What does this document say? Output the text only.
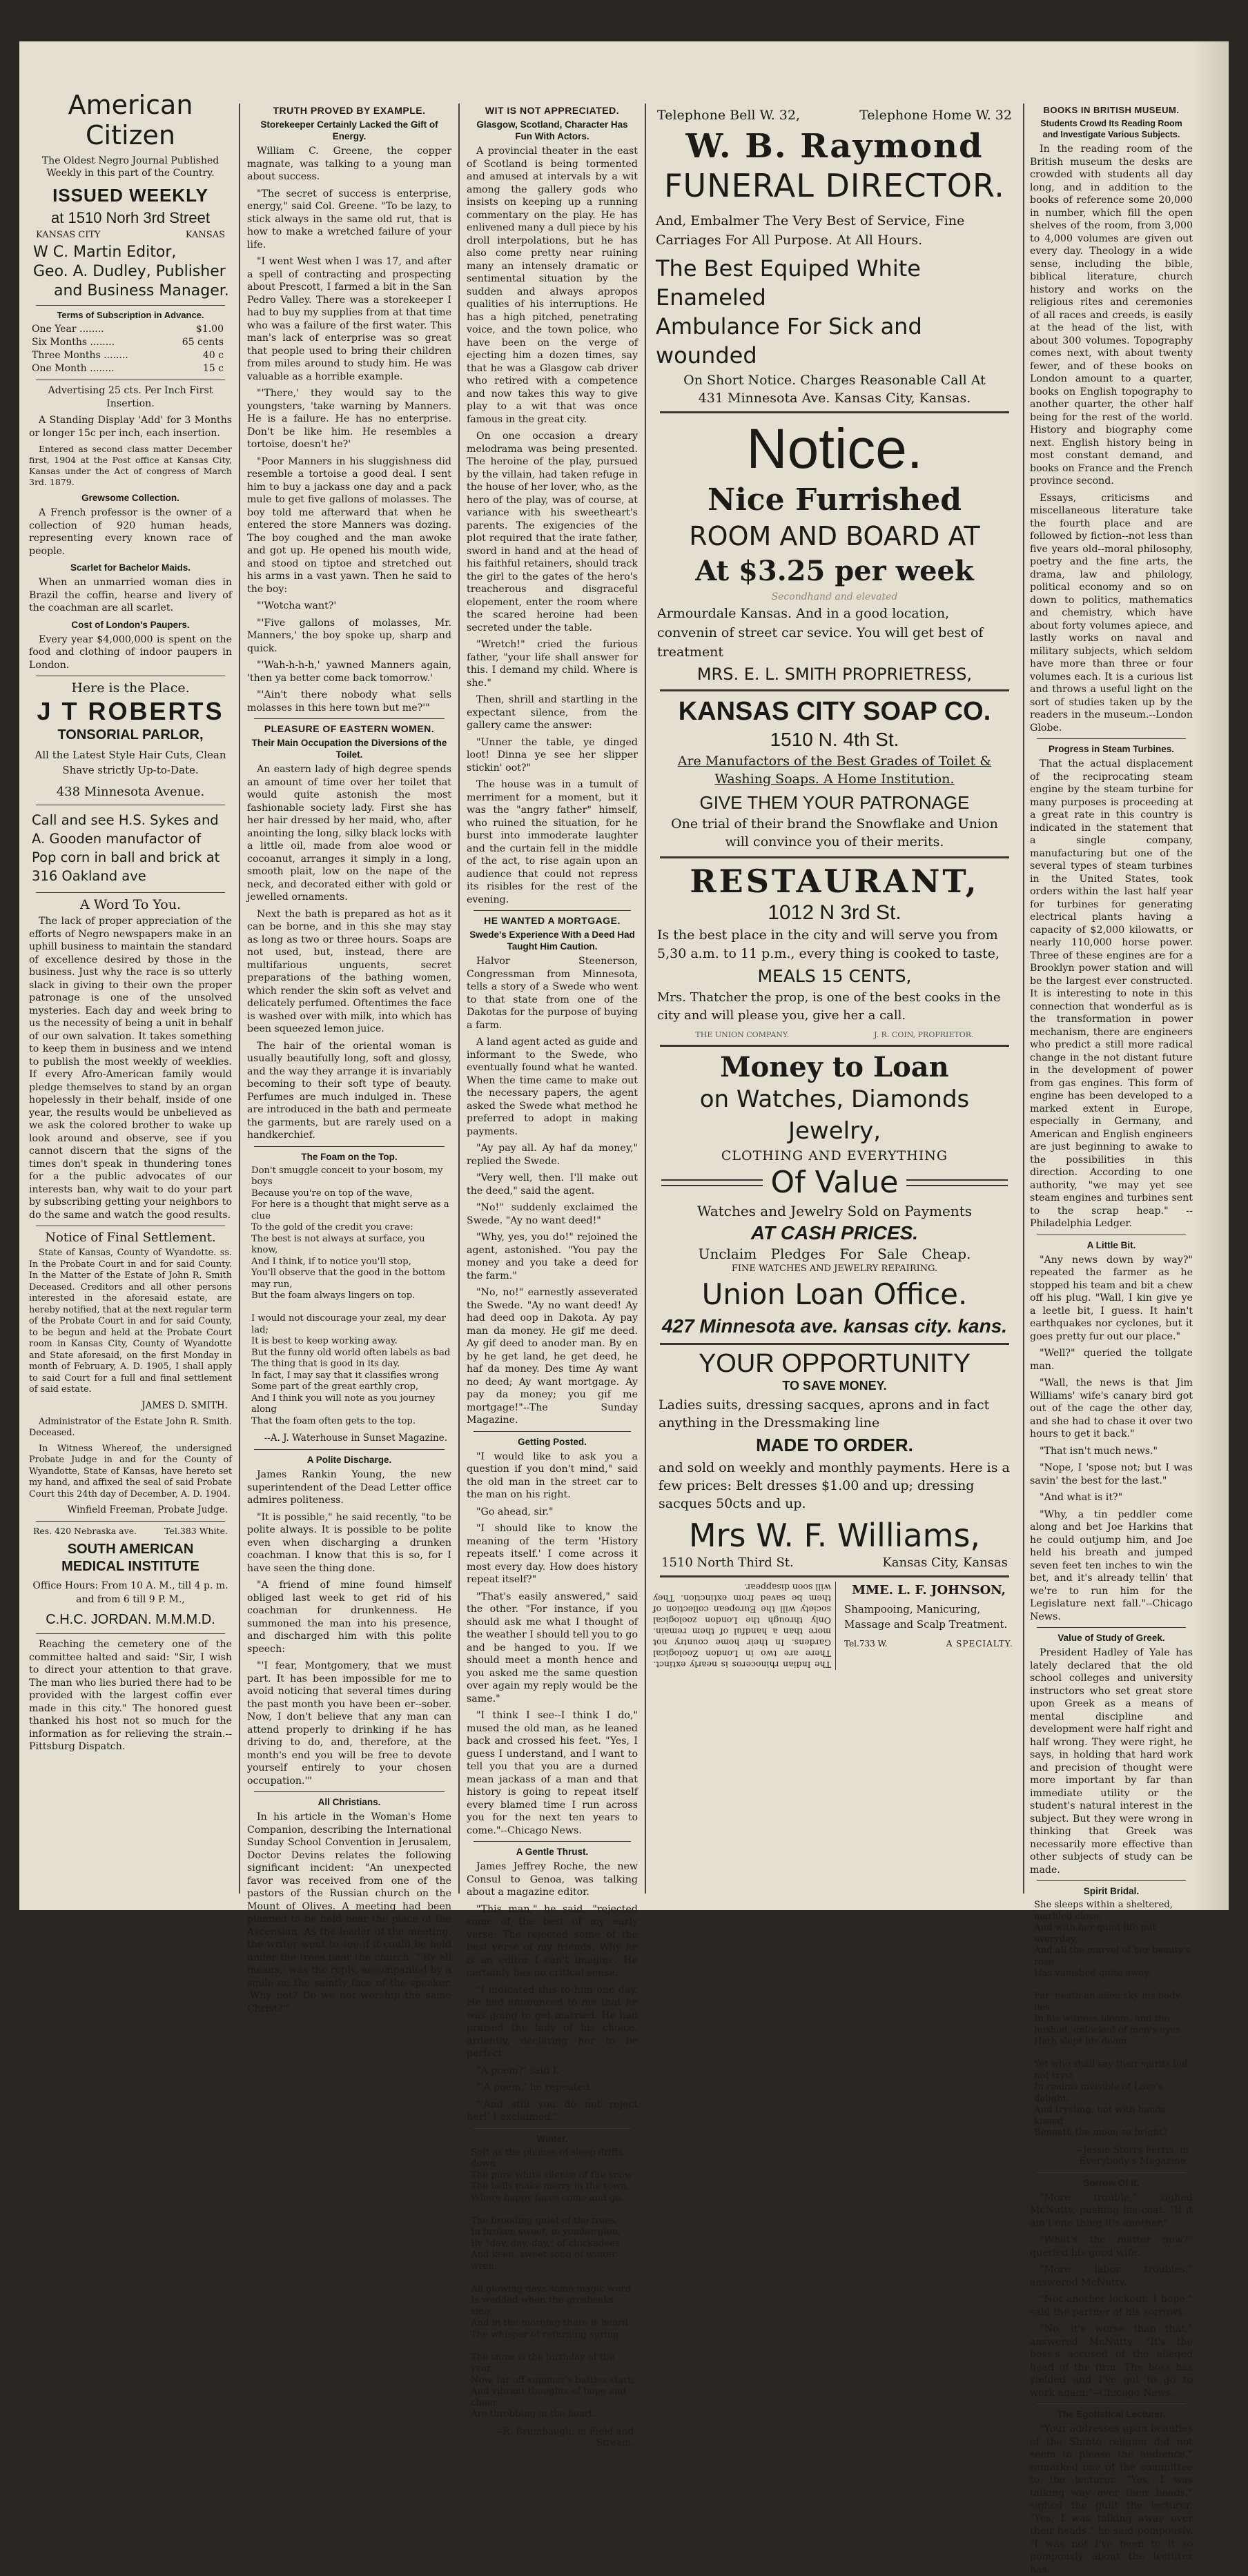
American Citizen
The Oldest Negro Journal Published Weekly in this part of the Country.
ISSUED WEEKLY
at 1510 Norh 3rd Street
KANSAS CITY	KANSAS
W C. Martin Editor,
Geo. A. Dudley, Publisher
and Business Manager.
Terms of Subscription in Advance.
One Year ........	$1.00
Six Months ........	65 cents
Three Months ........	40 c
One Month ........	15 c

Advertising 25 cts. Per Inch First Insertion.

A Standing Display 'Add' for 3 Months or longer 15c per inch, each insertion.

Entered as second class matter December first, 1904 at the Post office at Kansas City, Kansas under the Act of congress of March 3rd. 1879.

Grewsome Collection.

A French professor is the owner of a collection of 920 human heads, representing every known race of people.

Scarlet for Bachelor Maids.

When an unmarried woman dies in Brazil the coffin, hearse and livery of the coachman are all scarlet.

Cost of London's Paupers.

Every year $4,000,000 is spent on the food and clothing of indoor paupers in London.

Here is the Place.
J T ROBERTS
TONSORIAL PARLOR,
All the Latest Style Hair Cuts, Clean Shave strictly Up-to-Date.
438 Minnesota Avenue.
Call and see H.S. Sykes and A. Gooden manufactor of Pop corn in ball and brick at 316 Oakland ave
A Word To You.

The lack of proper appreciation of the efforts of Negro newspapers make in an uphill business to maintain the standard of excellence desired by those in the business. Just why the race is so utterly slack in giving to their own the proper patronage is one of the unsolved mysteries. Each day and week bring to us the necessity of being a unit in behalf of our own salvation. It takes something to keep them in business and we intend to publish the most weekly of weeklies. If every Afro-American family would pledge themselves to stand by an organ hopelessly in their behalf, inside of one year, the results would be unbelieved as we ask the colored brother to wake up look around and observe, see if you cannot discern that the signs of the times don't speak in thundering tones for a the public advocates of our interests ban, why wait to do your part by subscribing getting your neighbors to do the same and watch the good results.

Notice of Final Settlement.

State of Kansas, County of Wyandotte. ss. In the Probate Court in and for said County. In the Matter of the Estate of John R. Smith Deceased. Creditors and all other persons interested in the aforesaid estate, are hereby notified, that at the next regular term of the Probate Court in and for said County, to be begun and held at the Probate Court room in Kansas City, County of Wyandotte and State aforesaid, on the first Monday in month of February, A. D. 1905, I shall apply to said Court for a full and final settlement of said estate.

JAMES D. SMITH.

Administrator of the Estate John R. Smith. Deceased.

In Witness Whereof, the undersigned Probate Judge in and for the County of Wyandotte, State of Kansas, have hereto set my hand, and affixed the seal of said Probate Court this 24th day of December, A. D. 1904.

Winfield Freeman, Probate Judge.
Res. 420 Nebraska ave.	Tel.383 White.
SOUTH AMERICAN
MEDICAL INSTITUTE
Office Hours: From 10 A. M., till 4 p. m.
and from 6 till 9 P. M.,
C.H.C. JORDAN. M.M.M.D.

Reaching the cemetery one of the committee halted and said: "Sir, I wish to direct your attention to that grave. The man who lies buried there had to be provided with the largest coffin ever made in this city." The honored guest thanked his host not so much for the information as for relieving the strain.--Pittsburg Dispatch.

TRUTH PROVED BY EXAMPLE.
Storekeeper Certainly Lacked the Gift of Energy.

William C. Greene, the copper magnate, was talking to a young man about success.

"The secret of success is enterprise, energy," said Col. Greene. "To be lazy, to stick always in the same old rut, that is how to make a wretched failure of your life.

"I went West when I was 17, and after a spell of contracting and prospecting about Prescott, I farmed a bit in the San Pedro Valley. There was a storekeeper I had to buy my supplies from at that time who was a failure of the first water. This man's lack of enterprise was so great that people used to bring their children from miles around to study him. He was valuable as a horrible example.

"'There,' they would say to the youngsters, 'take warning by Manners. He is a failure. He has no enterprise. Don't be like him. He resembles a tortoise, doesn't he?'

"Poor Manners in his sluggishness did resemble a tortoise a good deal. I sent him to buy a jackass one day and a pack mule to get five gallons of molasses. The boy told me afterward that when he entered the store Manners was dozing. The boy coughed and the man awoke and got up. He opened his mouth wide, and stood on tiptoe and stretched out his arms in a vast yawn. Then he said to the boy:

"'Wotcha want?'

"'Five gallons of molasses, Mr. Manners,' the boy spoke up, sharp and quick.

"'Wah-h-h-h,' yawned Manners again, 'then ya better come back tomorrow.'

"'Ain't there nobody what sells molasses in this here town but me?'"

PLEASURE OF EASTERN WOMEN.
Their Main Occupation the Diversions of the Toilet.

An eastern lady of high degree spends an amount of time over her toilet that would quite astonish the most fashionable society lady. First she has her hair dressed by her maid, who, after anointing the long, silky black locks with a little oil, made from aloe wood or cocoanut, arranges it simply in a long, smooth plait, low on the nape of the neck, and decorated either with gold or jewelled ornaments.

Next the bath is prepared as hot as it can be borne, and in this she may stay as long as two or three hours. Soaps are not used, but, instead, there are multifarious unguents, secret preparations of the bathing women, which render the skin soft as velvet and delicately perfumed. Oftentimes the face is washed over with milk, into which has been squeezed lemon juice.

The hair of the oriental woman is usually beautifully long, soft and glossy, and the way they arrange it is invariably becoming to their soft type of beauty. Perfumes are much indulged in. These are introduced in the bath and permeate the garments, but are rarely used on a handkerchief.

The Foam on the Top.
Don't smuggle conceit to your bosom, my boys
Because you're on top of the wave,
For here is a thought that might serve as a clue
To the gold of the credit you crave:
The best is not always at surface, you know,
And I think, if to notice you'll stop,
You'll observe that the good in the bottom may run,
But the foam always lingers on top.

I would not discourage your zeal, my dear lad;
It is best to keep working away.
But the funny old world often labels as bad
The thing that is good in its day.
In fact, I may say that it classifies wrong
Some part of the great earthly crop,
And I think you will note as you journey along
That the foam often gets to the top.
--A. J. Waterhouse in Sunset Magazine.
A Polite Discharge.

James Rankin Young, the new superintendent of the Dead Letter office admires politeness.

"It is possible," he said recently, "to be polite always. It is possible to be polite even when discharging a drunken coachman. I know that this is so, for I have seen the thing done.

"A friend of mine found himself obliged last week to get rid of his coachman for drunkenness. He summoned the man into his presence, and discharged him with this polite speech:

"'I fear, Montgomery, that we must part. It has been impossible for me to avoid noticing that several times during the past month you have been er--sober. Now, I don't believe that any man can attend properly to drinking if he has driving to do, and, therefore, at the month's end you will be free to devote yourself entirely to your chosen occupation.'"

All Christians.

In his article in the Woman's Home Companion, describing the International Sunday School Convention in Jerusalem, Doctor Devins relates the following significant incident: "An unexpected favor was received from one of the pastors of the Russian church on the Mount of Olives. A meeting had been planned to be held near the place of the Ascension. As the leader of the meeting, the writer went to see if it could be held under the trees near the church. "'By all means,' was the reply, accompanied by a smile on the saintly face of the speaker. 'Why not? Do we not worship the same Christ?'"

WIT IS NOT APPRECIATED.
Glasgow, Scotland, Character Has Fun With Actors.

A provincial theater in the east of Scotland is being tormented and amused at intervals by a wit among the gallery gods who insists on keeping up a running commentary on the play. He has enlivened many a dull piece by his droll interpolations, but he has also come pretty near ruining many an intensely dramatic or sentimental situation by the sudden and always apropos qualities of his interruptions. He has a high pitched, penetrating voice, and the town police, who have been on the verge of ejecting him a dozen times, say that he was a Glasgow cab driver who retired with a competence and now takes this way to give play to a wit that was once famous in the great city.

On one occasion a dreary melodrama was being presented. The heroine of the play, pursued by the villain, had taken refuge in the house of her lover, who, as the hero of the play, was of course, at variance with his sweetheart's parents. The exigencies of the plot required that the irate father, sword in hand and at the head of his faithful retainers, should track the girl to the gates of the hero's treacherous and disgraceful elopement, enter the room where the scared heroine had been secreted under the table.

"Wretch!" cried the furious father, "your life shall answer for this. I demand my child. Where is she."

Then, shrill and startling in the expectant silence, from the gallery came the answer:

"Unner the table, ye dinged loot! Dinna ye see her slipper stickin' oot?"

The house was in a tumult of merriment for a moment, but it was the "angry father" himself, who ruined the situation, for he burst into immoderate laughter and the curtain fell in the middle of the act, to rise again upon an audience that could not repress its risibles for the rest of the evening.

HE WANTED A MORTGAGE.
Swede's Experience With a Deed Had Taught Him Caution.

Halvor Steenerson, Congressman from Minnesota, tells a story of a Swede who went to that state from one of the Dakotas for the purpose of buying a farm.

A land agent acted as guide and informant to the Swede, who eventually found what he wanted. When the time came to make out the necessary papers, the agent asked the Swede what method he preferred to adopt in making payments.

"Ay pay all. Ay haf da money," replied the Swede.

"Very well, then. I'll make out the deed," said the agent.

"No!" suddenly exclaimed the Swede. "Ay no want deed!"

"Why, yes, you do!" rejoined the agent, astonished. "You pay the money and you take a deed for the farm."

"No, no!" earnestly asseverated the Swede. "Ay no want deed! Ay had deed oop in Dakota. Ay pay man da money. He gif me deed. Ay gif deed to anoder man. By en by he get land, he get deed, he haf da money. Des time Ay want no deed; Ay want mortgage. Ay pay da money; you gif me mortgage!"--The Sunday Magazine.

Getting Posted.

"I would like to ask you a question if you don't mind," said the old man in the street car to the man on his right.

"Go ahead, sir."

"I should like to know the meaning of the term 'History repeats itself.' I come across it most every day. How does history repeat itself?"

"That's easily answered," said the other. "For instance, if you should ask me what I thought of the weather I should tell you to go and be hanged to you. If we should meet a month hence and you asked me the same question over again my reply would be the same."

"I think I see--I think I do," mused the old man, as he leaned back and crossed his feet. "Yes, I guess I understand, and I want to tell you that you are a durned mean jackass of a man and that history is going to repeat itself every blamed time I run across you for the next ten years to come."--Chicago News.

A Gentle Thrust.

James Jeffrey Roche, the new Consul to Genoa, was talking about a magazine editor.

"This man," he said, "rejected some of the best of my early verse. The rejected some of the best verse of my friends. Why he is an editor I can't imagine. He certainly has no critical sense.

"I indicated this to him one day. He had announced to me that he was going to get married. He had praised the lady of his choice, ardently, declaring her to be perfect.

"A poem?' said I.

"'A poem,' he repeated.

"'And still you do not reject her!' I exclaimed."

Winter.
Soft as the plumes of sleep drifts down
The pure white silence of the snow
The bells make merry in the town,
Where happy faces come and go.

The brooding quiet of the trees,
In broken sweet, in yonder glen,
By "day, day, day," of chickadees
And keen, sweet song of winter wren.

All glowing days some magic word
Is wedded when the grosbeaks sing;
And in the morning there is heard
The whisper of returning spring.

The snow is the birthday of the year,
Now, far off summer's battles start;
And vibrant thoughts of hope and cheer
Are throbbing in the heart.
--R. Brumbaugh, in Field and Stream.
Telephone Bell W. 32,	Telephone Home W. 32
W. B. Raymond
FUNERAL DIRECTOR.
And, Embalmer The Very Best of Service, Fine Carriages For All Purpose. At All Hours.
The Best Equiped White Enameled
Ambulance For Sick and wounded
On Short Notice. Charges Reasonable Call At
431 Minnesota Ave. Kansas City, Kansas.
Notice.
Nice Furrished
ROOM AND BOARD AT
At $3.25 per week
Secondhand and elevated
Armourdale Kansas. And in a good location, convenin of street car sevice. You will get best of treatment
MRS. E. L. SMITH PROPRIETRESS,
KANSAS CITY SOAP CO.
1510 N. 4th St.
Are Manufactors of the Best Grades of Toilet & Washing Soaps. A Home Institution.
GIVE THEM YOUR PATRONAGE
One trial of their brand the Snowflake and Union will convince you of their merits.
RESTAURANT,
1012 N 3rd St.
Is the best place in the city and will serve you from 5,30 a.m. to 11 p.m., every thing is cooked to taste,
MEALS 15 CENTS,
Mrs. Thatcher the prop, is one of the best cooks in the city and will please you, give her a call.
THE UNION COMPANY.	J. R. COIN, PROPRIETOR.
Money to Loan
on Watches, Diamonds Jewelry,
CLOTHING AND EVERYTHING
Of Value
Watches and Jewelry Sold on Payments
AT CASH PRICES.
Unclaim Pledges For Sale Cheap.
FINE WATCHES AND JEWELRY REPAIRING.
Union Loan Office.
427 Minnesota ave. kansas city. kans.
YOUR OPPORTUNITY
TO SAVE MONEY.
Ladies suits, dressing sacques, aprons and in fact anything in the Dressmaking line
MADE TO ORDER.
and sold on weekly and monthly payments. Here is a few prices: Belt dresses $1.00 and up; dressing sacques 50cts and up.
Mrs W. F. Williams,
1510 North Third St.	Kansas City, Kansas

The Indian rhinoceros is nearly extinct. There are two in London Zoological Gardens. In their home country not more than a handful of them remain. Only through the London zoological society will the European collection of them be saved from extinction. They will soon disappear.	MME. L. F. JOHNSON,
Shampooing, Manicuring, Massage and Scalp Treatment.
Tel.733 W.	A SPECIALTY.
BOOKS IN BRITISH MUSEUM.
Students Crowd Its Reading Room and Investigate Various Subjects.

In the reading room of the British museum the desks are crowded with students all day long, and in addition to the books of reference some 20,000 in number, which fill the open shelves of the room, from 3,000 to 4,000 volumes are given out every day. Theology in a wide sense, including the bible, biblical literature, church history and works on the religious rites and ceremonies of all races and creeds, is easily at the head of the list, with about 300 volumes. Topography comes next, with about twenty fewer, and of these books on London amount to a quarter, books on English topography to another quarter, the other half being for the rest of the world. History and biography come next. English history being in most constant demand, and books on France and the French province second.

Essays, criticisms and miscellaneous literature take the fourth place and are followed by fiction--not less than five years old--moral philosophy, poetry and the fine arts, the drama, law and philology, political economy and so on down to politics, mathematics and chemistry, which have about forty volumes apiece, and lastly works on naval and military subjects, which seldom have more than three or four volumes each. It is a curious list and throws a useful light on the sort of studies taken up by the readers in the museum.--London Globe.

Progress in Steam Turbines.

That the actual displacement of the reciprocating steam engine by the steam turbine for many purposes is proceeding at a great rate in this country is indicated in the statement that a single company, manufacturing but one of the several types of steam turbines in the United States, took orders within the last half year for turbines for generating electrical plants having a capacity of $2,000 kilowatts, or nearly 110,000 horse power. Three of these engines are for a Brooklyn power station and will be the largest ever constructed. It is interesting to note in this connection that wonderful as is the transformation in power mechanism, there are engineers who predict a still more radical change in the not distant future in the development of power from gas engines. This form of engine has been developed to a marked extent in Europe, especially in Germany, and American and English engineers are just beginning to awake to the possibilities in this direction. According to one authority, "we may yet see steam engines and turbines sent to the scrap heap." --Philadelphia Ledger.

A Little Bit.

"Any news down by way?" repeated the farmer as he stopped his team and bit a chew off his plug. "Wall, I kin give ye a leetle bit, I guess. It hain't earthquakes nor cyclones, but it goes pretty fur out our place."

"Well?" queried the tollgate man.

"Wall, the news is that Jim Williams' wife's canary bird got out of the cage the other day, and she had to chase it over two hours to get it back."

"That isn't much news."

"Nope, I 'spose not; but I was savin' the best for the last."

"And what is it?"

"Why, a tin peddler come along and bet Joe Harkins that he could outjump him, and Joe held his breath and jumped seven feet ten inches to win the bet, and it's already tellin' that we're to run him for the Legislature next fall."--Chicago News.

Value of Study of Greek.

President Hadley of Yale has lately declared that the old school colleges and university instructors who set great store upon Greek as a means of mental discipline and development were half right and half wrong. They were right, he says, in holding that hard work and precision of thought were more important by far than immediate utility or the student's natural interest in the subject. But they were wrong in thinking that Greek was necessarily more effective than other subjects of study can be made.

Spirit Bridal.
She sleeps within a sheltered, marbled close,
And with her quiet life put everyday,
And all the marvel of her beauty's rose
Has vanished quite away.

Far 'neath an alien sky his body lies
In his witness bloom, and the hushed, unlocked of men's eyes
Hath slept his doom.

Yet who shall say their spirits bid not tryst
In realms invisible of Love's delight,
And trysting, not with hands kissed
Beneath the moon so bright?
--Jessie Storrs Ferris, in Everybody's Magazine.
Sorrow Of It.

"More trouble," sighed McNutty, pushing his coat. "If it ain't one thing it's another."

"What's the matter now?" queried his good wife.

"More labor troubles," answered McNutty.

"Not another lockout, I hope," said the partner of his sorrows.

"No, it's worse than that," answered McNutty. "It's the boss's accused of the alleged head of the firm. The boss has yielded and I've got to go to work again."--Chicago News.

The Egotistical Lecturer.

"Your addresses upon beauties of the Shinto religion did not seem to please the audience," remarked one of the committee to the lecturer. "Yes, I was talking way over their heads," sighed the guilt the lecturer. "Yes, I was talking away over their heads," he said pompously. "I was not I've been to it so pompously about the lecturer has.
